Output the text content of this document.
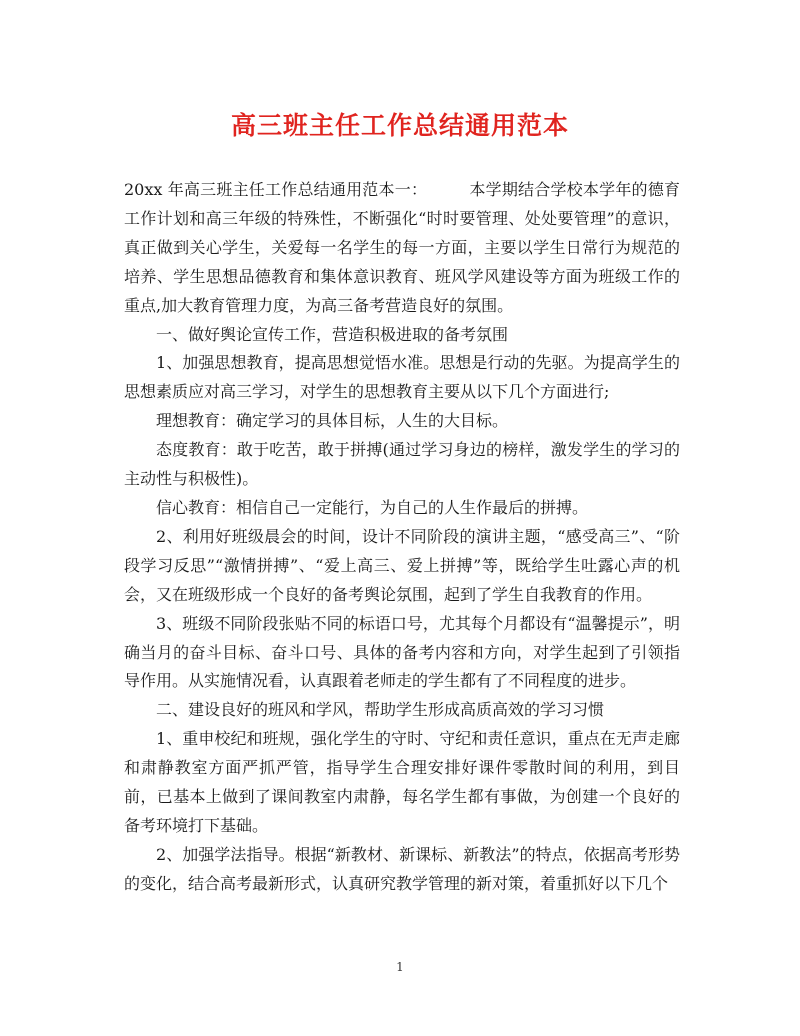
高三班主任工作总结通用范本

20xx 年高三班主任工作总结通用范本一：	本学期结合学校本学年的德育工作计划和高三年级的特殊性，不断强化“时时要管理、处处要管理”的意识，真正做到关心学生，关爱每一名学生的每一方面，主要以学生日常行为规范的培养、学生思想品德教育和集体意识教育、班风学风建设等方面为班级工作的重点,加大教育管理力度，为高三备考营造良好的氛围。

一、做好舆论宣传工作，营造积极进取的备考氛围

1、加强思想教育，提高思想觉悟水准。思想是行动的先驱。为提高学生的思想素质应对高三学习，对学生的思想教育主要从以下几个方面进行;

理想教育：确定学习的具体目标，人生的大目标。

态度教育：敢于吃苦，敢于拼搏(通过学习身边的榜样，激发学生的学习的主动性与积极性)。

信心教育：相信自己一定能行，为自己的人生作最后的拼搏。

2、利用好班级晨会的时间，设计不同阶段的演讲主题，“感受高三”、“阶段学习反思”“激情拼搏”、“爱上高三、爱上拼搏”等，既给学生吐露心声的机会，又在班级形成一个良好的备考舆论氛围，起到了学生自我教育的作用。

3、班级不同阶段张贴不同的标语口号，尤其每个月都设有“温馨提示”，明确当月的奋斗目标、奋斗口号、具体的备考内容和方向，对学生起到了引领指导作用。从实施情况看，认真跟着老师走的学生都有了不同程度的进步。

二、建设良好的班风和学风，帮助学生形成高质高效的学习习惯

1、重申校纪和班规，强化学生的守时、守纪和责任意识，重点在无声走廊和肃静教室方面严抓严管，指导学生合理安排好课件零散时间的利用，到目前，已基本上做到了课间教室内肃静，每名学生都有事做，为创建一个良好的备考环境打下基础。

2、加强学法指导。根据“新教材、新课标、新教法”的特点，依据高考形势的变化，结合高考最新形式，认真研究教学管理的新对策，着重抓好以下几个

1
